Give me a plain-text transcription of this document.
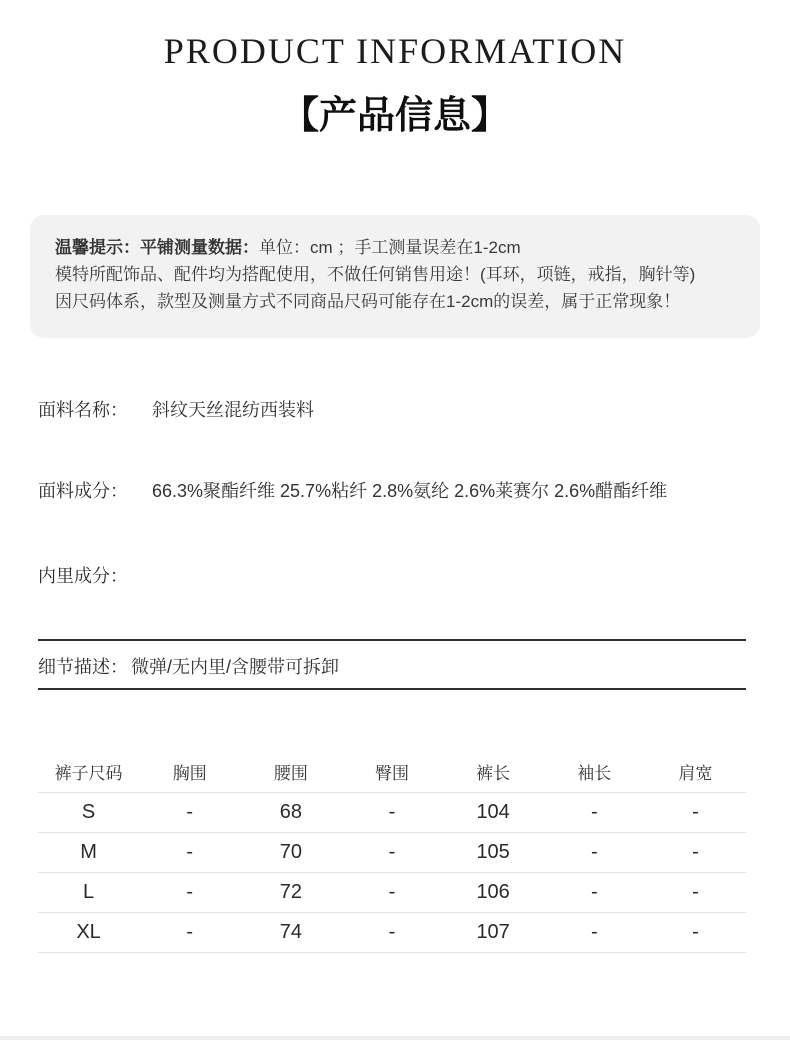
PRODUCT INFORMATION
【产品信息】
温馨提示：平铺测量数据：单位：cm ；手工测量误差在1-2cm
模特所配饰品、配件均为搭配使用，不做任何销售用途！(耳环，项链，戒指，胸针等)
因尺码体系，款型及测量方式不同商品尺码可能存在1-2cm的误差，属于正常现象！
面料名称： 斜纹天丝混纺西装料
面料成分： 66.3%聚酯纤维 25.7%粘纤 2.8%氨纶 2.6%莱赛尔 2.6%醋酯纤维
内里成分：
细节描述： 微弹/无内里/含腰带可拆卸
裤子尺码	胸围	腰围	臀围	裤长	袖长	肩宽
S	-	68	-	104	-	-
M	-	70	-	105	-	-
L	-	72	-	106	-	-
XL	-	74	-	107	-	-
